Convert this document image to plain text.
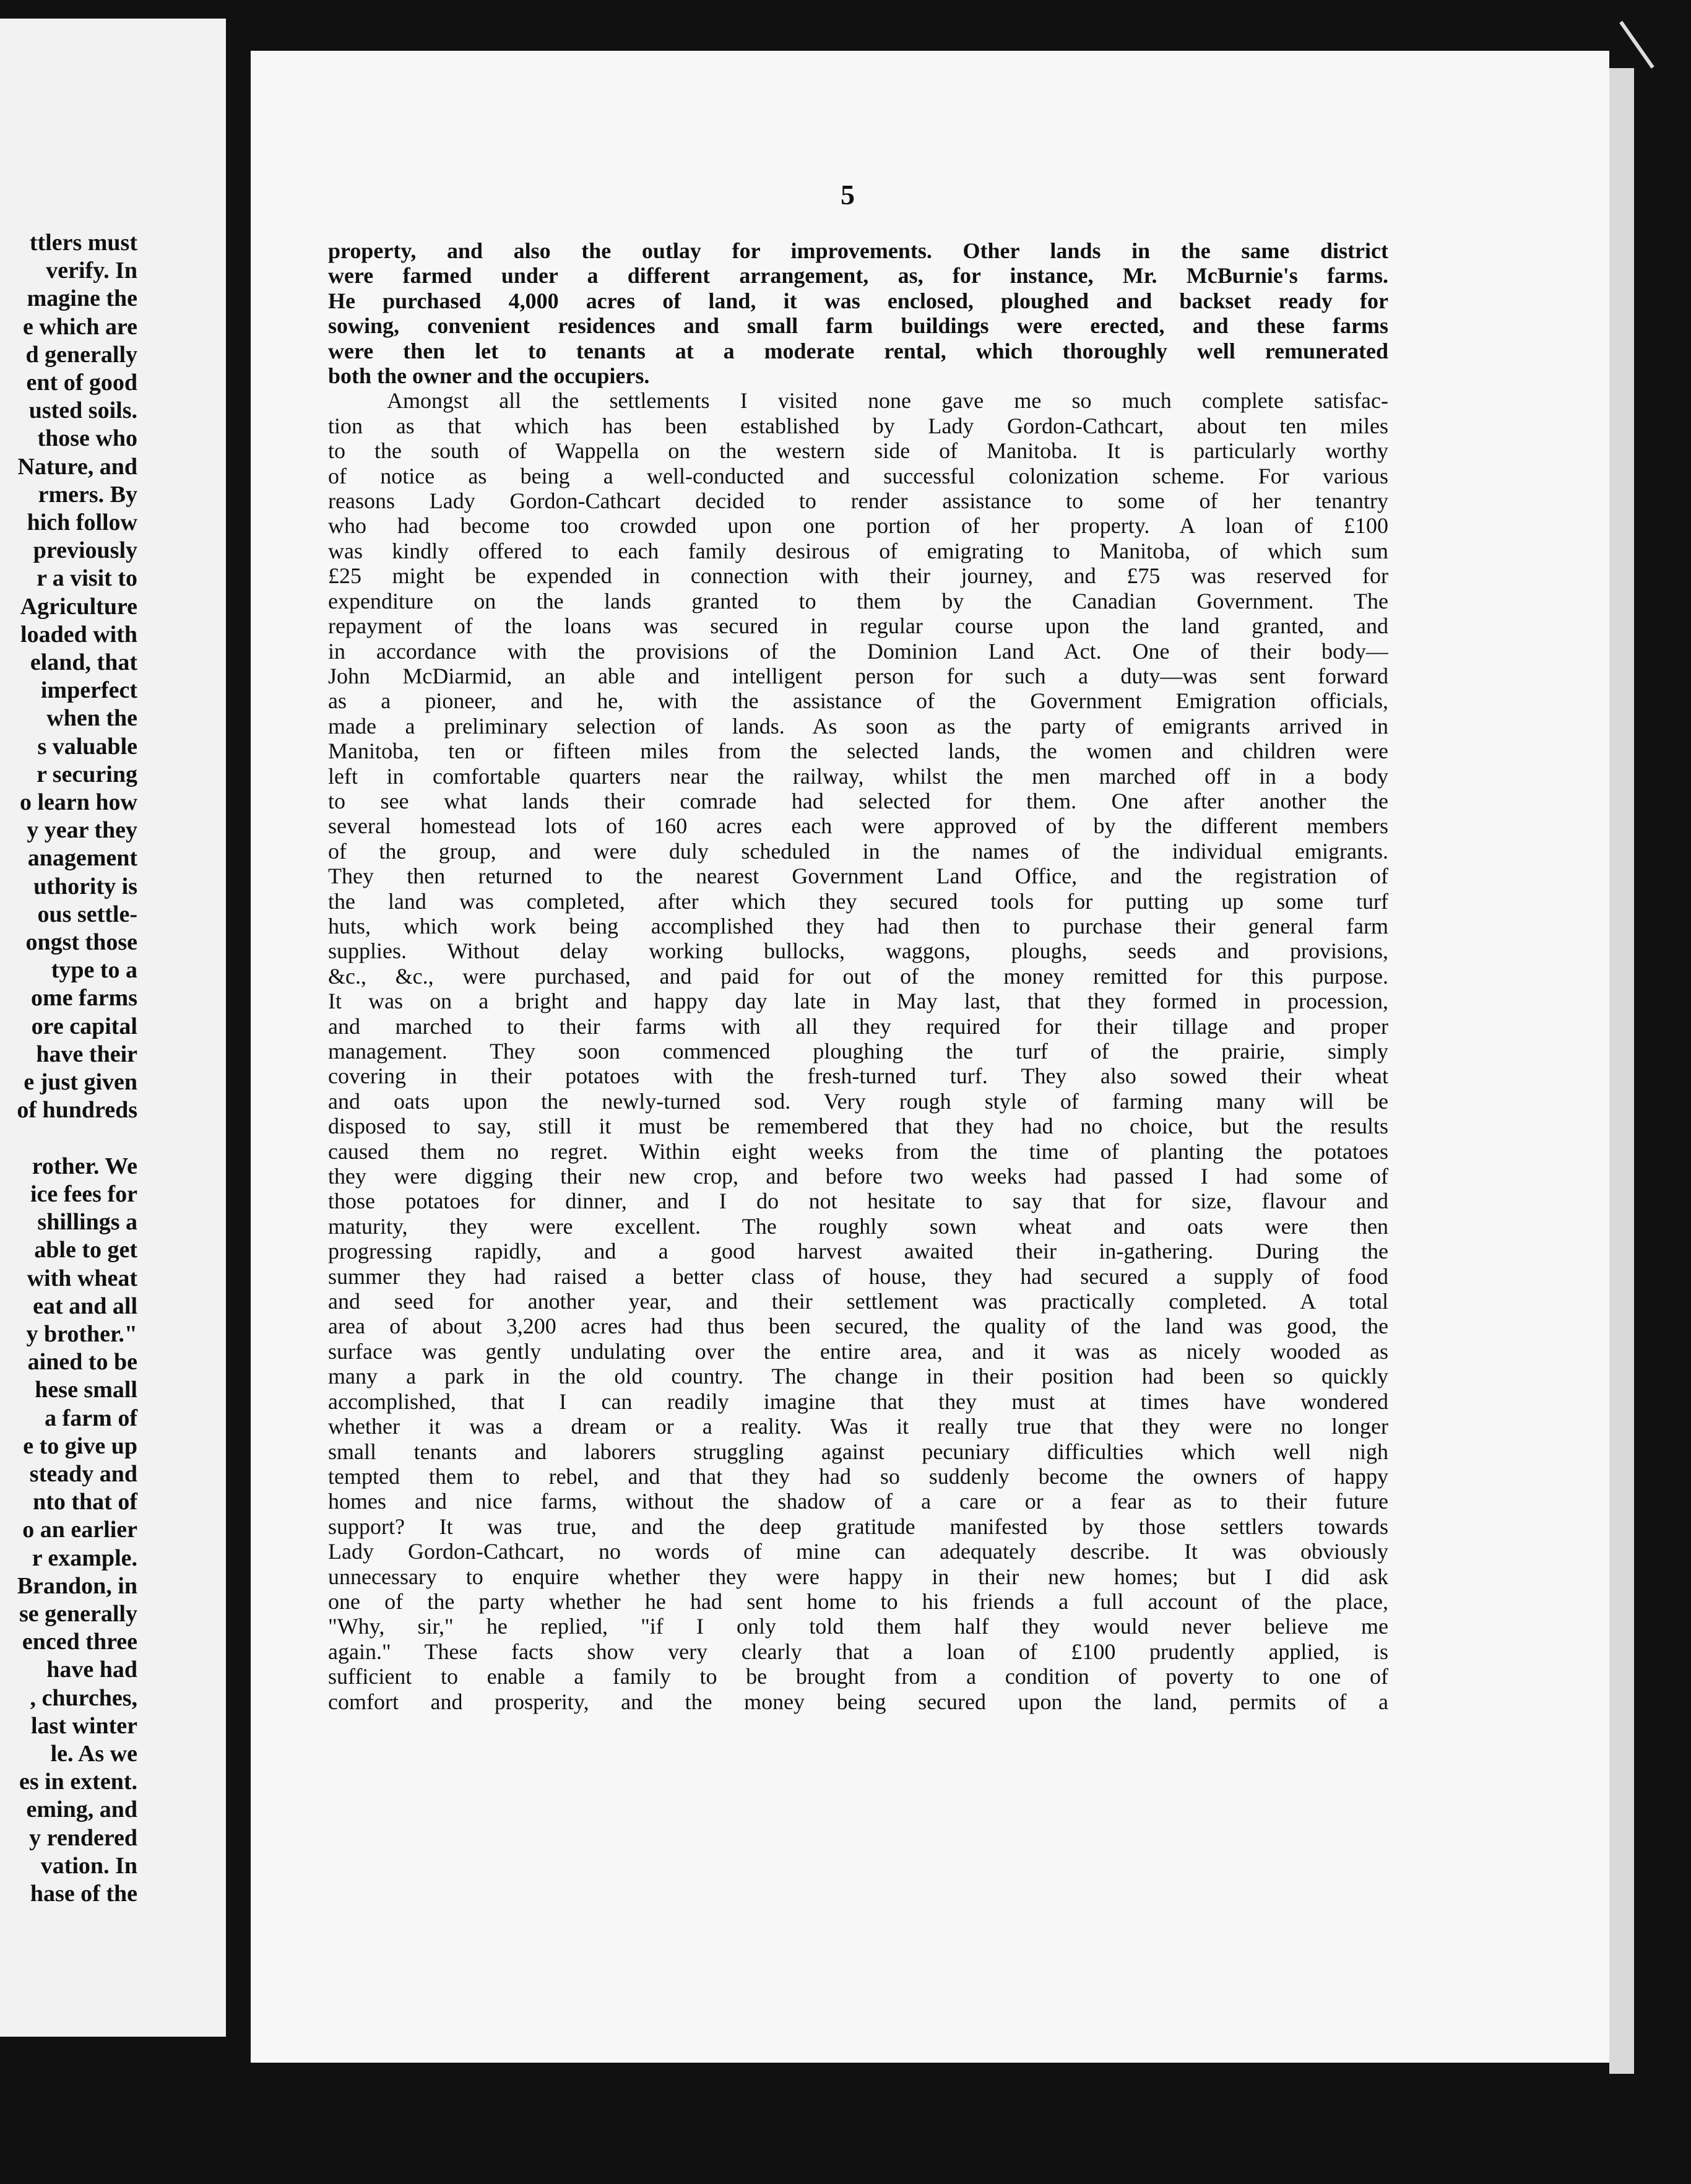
ttlers must
verify. In
magine the
e which are
d generally
ent of good
usted soils.
those who
Nature, and
rmers. By
hich follow
previously
r a visit to
Agriculture
loaded with
eland, that
imperfect
when the
s valuable
r securing
o learn how
y year they
anagement
uthority is
ous settle-
ongst those
type to a
ome farms
ore capital
have their
e just given
of hundreds

rother. We
ice fees for
shillings a
able to get
with wheat
eat and all
y brother."
ained to be
hese small
a farm of
e to give up
steady and
nto that of
o an earlier
r example.
Brandon, in
se generally
enced three
have had
, churches,
last winter
le. As we
es in extent.
eming, and
y rendered
vation. In
hase of the
5
property, and also the outlay for improvements. Other lands in the same district
were farmed under a different arrangement, as, for instance, Mr. McBurnie's farms.
He purchased 4,000 acres of land, it was enclosed, ploughed and backset ready for
sowing, convenient residences and small farm buildings were erected, and these farms
were then let to tenants at a moderate rental, which thoroughly well remunerated
both the owner and the occupiers.
Amongst all the settlements I visited none gave me so much complete satisfac-
tion as that which has been established by Lady Gordon-Cathcart, about ten miles
to the south of Wappella on the western side of Manitoba. It is particularly worthy
of notice as being a well-conducted and successful colonization scheme. For various
reasons Lady Gordon-Cathcart decided to render assistance to some of her tenantry
who had become too crowded upon one portion of her property. A loan of £100
was kindly offered to each family desirous of emigrating to Manitoba, of which sum
£25 might be expended in connection with their journey, and £75 was reserved for
expenditure on the lands granted to them by the Canadian Government. The
repayment of the loans was secured in regular course upon the land granted, and
in accordance with the provisions of the Dominion Land Act. One of their body—
John McDiarmid, an able and intelligent person for such a duty—was sent forward
as a pioneer, and he, with the assistance of the Government Emigration officials,
made a preliminary selection of lands. As soon as the party of emigrants arrived in
Manitoba, ten or fifteen miles from the selected lands, the women and children were
left in comfortable quarters near the railway, whilst the men marched off in a body
to see what lands their comrade had selected for them. One after another the
several homestead lots of 160 acres each were approved of by the different members
of the group, and were duly scheduled in the names of the individual emigrants.
They then returned to the nearest Government Land Office, and the registration of
the land was completed, after which they secured tools for putting up some turf
huts, which work being accomplished they had then to purchase their general farm
supplies. Without delay working bullocks, waggons, ploughs, seeds and provisions,
&c., &c., were purchased, and paid for out of the money remitted for this purpose.
It was on a bright and happy day late in May last, that they formed in procession,
and marched to their farms with all they required for their tillage and proper
management. They soon commenced ploughing the turf of the prairie, simply
covering in their potatoes with the fresh-turned turf. They also sowed their wheat
and oats upon the newly-turned sod. Very rough style of farming many will be
disposed to say, still it must be remembered that they had no choice, but the results
caused them no regret. Within eight weeks from the time of planting the potatoes
they were digging their new crop, and before two weeks had passed I had some of
those potatoes for dinner, and I do not hesitate to say that for size, flavour and
maturity, they were excellent. The roughly sown wheat and oats were then
progressing rapidly, and a good harvest awaited their in-gathering. During the
summer they had raised a better class of house, they had secured a supply of food
and seed for another year, and their settlement was practically completed. A total
area of about 3,200 acres had thus been secured, the quality of the land was good, the
surface was gently undulating over the entire area, and it was as nicely wooded as
many a park in the old country. The change in their position had been so quickly
accomplished, that I can readily imagine that they must at times have wondered
whether it was a dream or a reality. Was it really true that they were no longer
small tenants and laborers struggling against pecuniary difficulties which well nigh
tempted them to rebel, and that they had so suddenly become the owners of happy
homes and nice farms, without the shadow of a care or a fear as to their future
support? It was true, and the deep gratitude manifested by those settlers towards
Lady Gordon-Cathcart, no words of mine can adequately describe. It was obviously
unnecessary to enquire whether they were happy in their new homes; but I did ask
one of the party whether he had sent home to his friends a full account of the place,
"Why, sir," he replied, "if I only told them half they would never believe me
again." These facts show very clearly that a loan of £100 prudently applied, is
sufficient to enable a family to be brought from a condition of poverty to one of
comfort and prosperity, and the money being secured upon the land, permits of a
